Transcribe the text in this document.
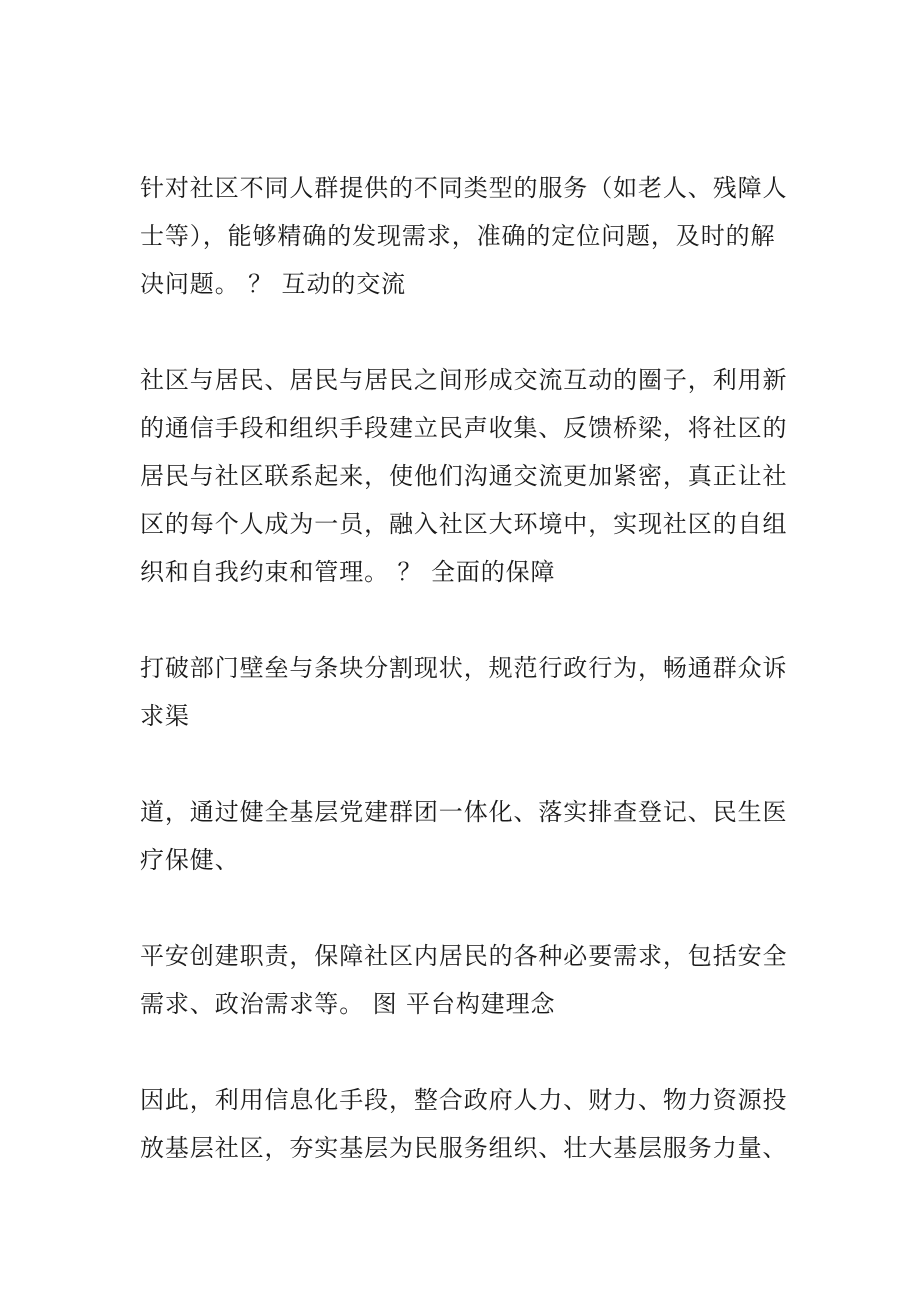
针对社区不同人群提供的不同类型的服务（如老人、残障人士等），能够精确的发现需求，准确的定位问题，及时的解决问题。 ？ 互动的交流

社区与居民、居民与居民之间形成交流互动的圈子，利用新的通信手段和组织手段建立民声收集、反馈桥梁，将社区的居民与社区联系起来，使他们沟通交流更加紧密，真正让社区的每个人成为一员，融入社区大环境中，实现社区的自组织和自我约束和管理。 ？ 全面的保障

打破部门壁垒与条块分割现状，规范行政行为，畅通群众诉求渠

道，通过健全基层党建群团一体化、落实排查登记、民生医疗保健、

平安创建职责，保障社区内居民的各种必要需求，包括安全需求、政治需求等。 图 平台构建理念

因此，利用信息化手段，整合政府人力、财力、物力资源投放基层社区，夯实基层为民服务组织、壮大基层服务力量、
